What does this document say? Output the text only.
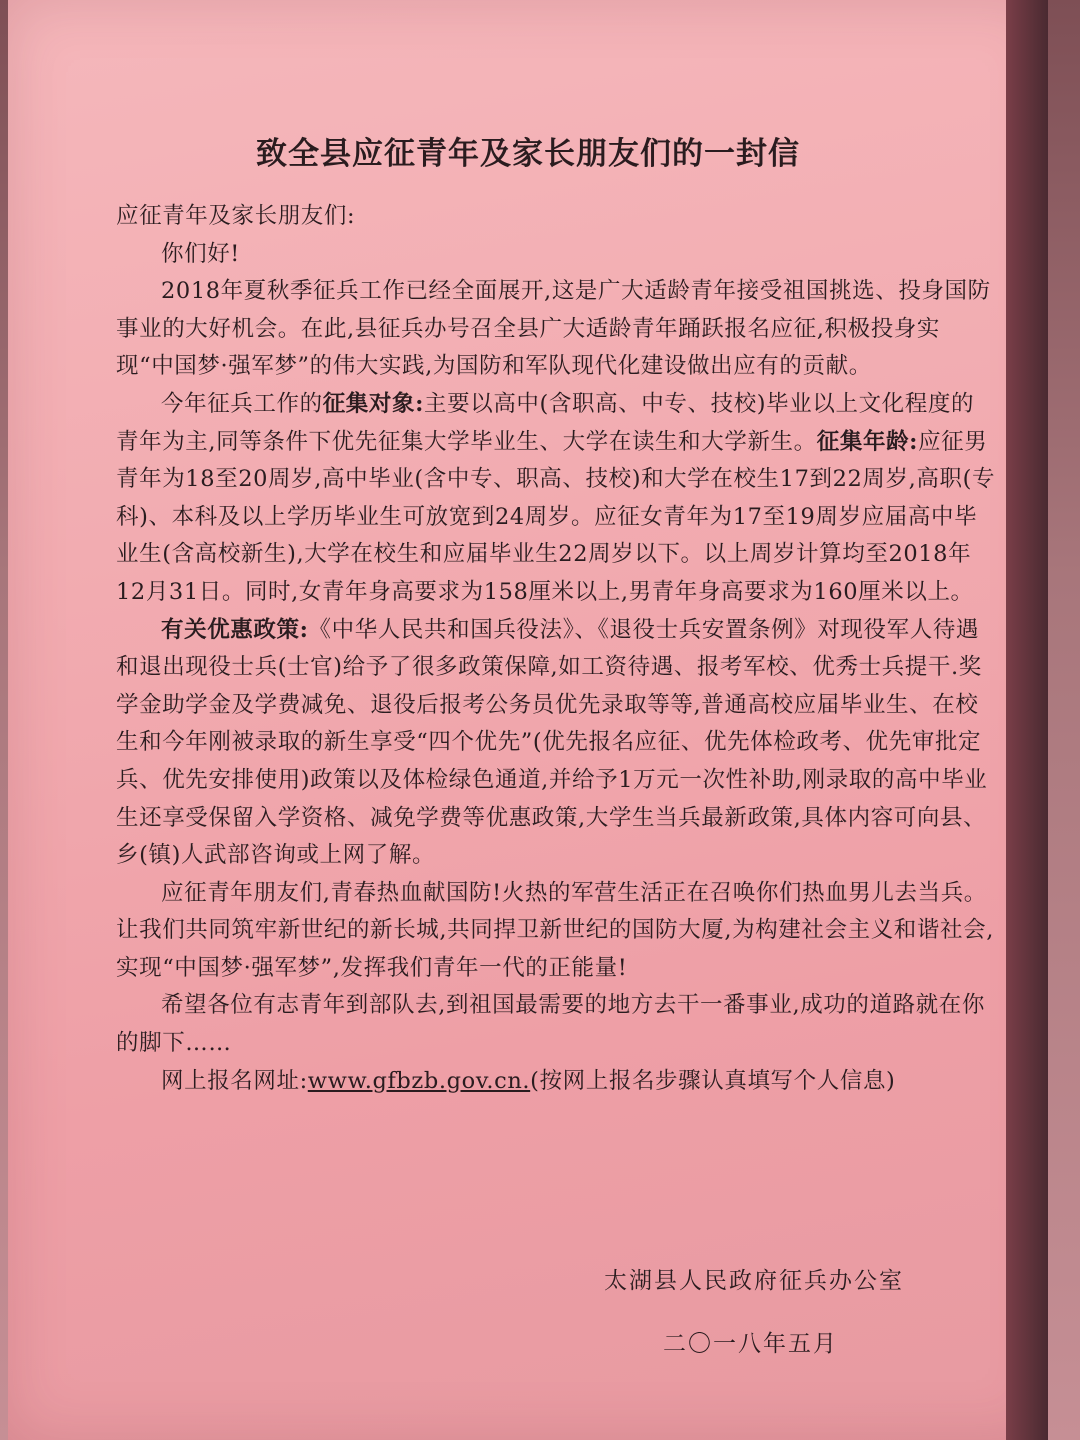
致全县应征青年及家长朋友们的一封信

应征青年及家长朋友们:

你们好!

2018年夏秋季征兵工作已经全面展开,这是广大适龄青年接受祖国挑选、投身国防事业的大好机会。在此,县征兵办号召全县广大适龄青年踊跃报名应征,积极投身实现“中国梦·强军梦”的伟大实践,为国防和军队现代化建设做出应有的贡献。

今年征兵工作的征集对象:主要以高中(含职高、中专、技校)毕业以上文化程度的青年为主,同等条件下优先征集大学毕业生、大学在读生和大学新生。征集年龄:应征男青年为18至20周岁,高中毕业(含中专、职高、技校)和大学在校生17到22周岁,高职(专科)、本科及以上学历毕业生可放宽到24周岁。应征女青年为17至19周岁应届高中毕业生(含高校新生),大学在校生和应届毕业生22周岁以下。以上周岁计算均至2018年12月31日。同时,女青年身高要求为158厘米以上,男青年身高要求为160厘米以上。

有关优惠政策:《中华人民共和国兵役法》、《退役士兵安置条例》对现役军人待遇和退出现役士兵(士官)给予了很多政策保障,如工资待遇、报考军校、优秀士兵提干.奖学金助学金及学费减免、退役后报考公务员优先录取等等,普通高校应届毕业生、在校生和今年刚被录取的新生享受“四个优先”(优先报名应征、优先体检政考、优先审批定兵、优先安排使用)政策以及体检绿色通道,并给予1万元一次性补助,刚录取的高中毕业生还享受保留入学资格、减免学费等优惠政策,大学生当兵最新政策,具体内容可向县、乡(镇)人武部咨询或上网了解。

应征青年朋友们,青春热血献国防!火热的军营生活正在召唤你们热血男儿去当兵。让我们共同筑牢新世纪的新长城,共同捍卫新世纪的国防大厦,为构建社会主义和谐社会,实现“中国梦·强军梦”,发挥我们青年一代的正能量!

希望各位有志青年到部队去,到祖国最需要的地方去干一番事业,成功的道路就在你的脚下……

网上报名网址:www.gfbzb.gov.cn.(按网上报名步骤认真填写个人信息)

太湖县人民政府征兵办公室
二〇一八年五月
